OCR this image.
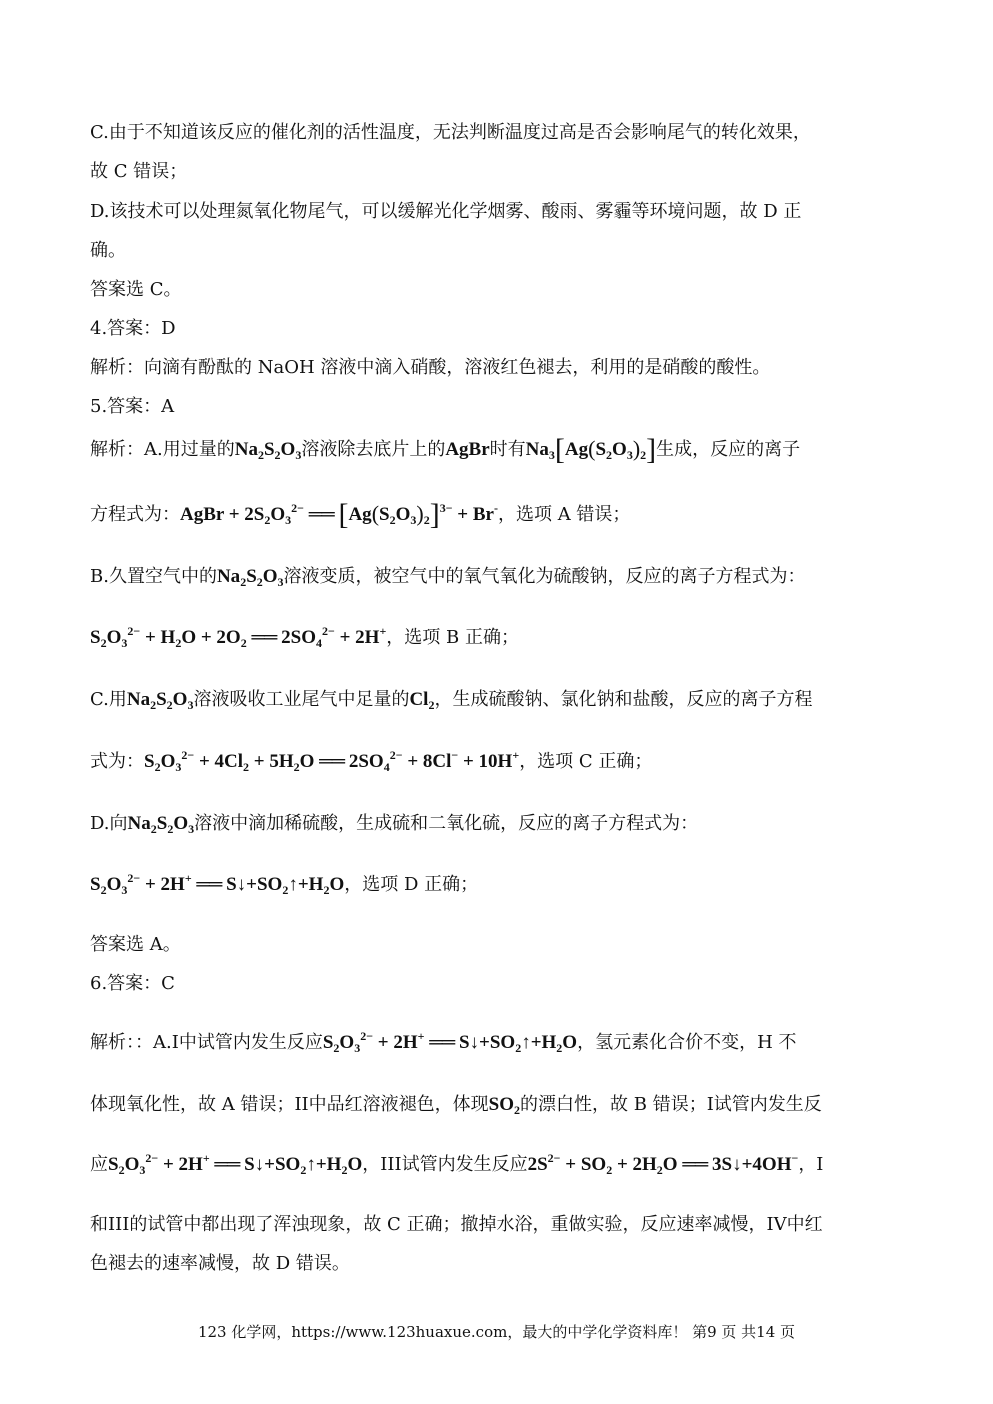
C.由于不知道该反应的催化剂的活性温度，无法判断温度过高是否会影响尾气的转化效果，
故 C 错误；
D.该技术可以处理氮氧化物尾气，可以缓解光化学烟雾、酸雨、雾霾等环境问题，故 D 正
确。
答案选 C。
4.答案：D
解析：向滴有酚酞的 NaOH 溶液中滴入硝酸，溶液红色褪去，利用的是硝酸的酸性。
5.答案：A
解析：A.用过量的$Na_2S_2O_3$溶液除去底片上的AgBr时有$Na_3[Ag(S_2O_3)_2]$生成，反应的离子
方程式为：AgBr + $2S_2O_3^{2-}$ ══ $[Ag(S_2O_3)_2]^{3-} + Br^-$，选项 A 错误；
B.久置空气中的$Na_2S_2O_3$溶液变质，被空气中的氧气氧化为硫酸钠，反应的离子方程式为：
$S_2O_3^{2-} + H_2O + 2O_2$ ══ $2SO_4^{2-} + 2H^+$，选项 B 正确；
C.用$Na_2S_2O_3$溶液吸收工业尾气中足量的$Cl_2$，生成硫酸钠、氯化钠和盐酸，反应的离子方程
式为：$S_2O_3^{2-} + 4Cl_2 + 5H_2O$ ══ $2SO_4^{2-} + 8Cl^- + 10H^+$，选项 C 正确；
D.向$Na_2S_2O_3$溶液中滴加稀硫酸，生成硫和二氧化硫，反应的离子方程式为：
$S_2O_3^{2-} + 2H^+$ ══ $S↓+SO_2↑+H_2O$，选项 D 正确；
答案选 A。
6.答案：C
解析：：A.I中试管内发生反应$S_2O_3^{2-} + 2H^+$ ══ $S↓+SO_2↑+H_2O$，氢元素化合价不变，H 不
体现氧化性，故 A 错误；II中品红溶液褪色，体现$SO_2$的漂白性，故 B 错误；I试管内发生反
应$S_2O_3^{2-} + 2H^+$ ══ $S↓+SO_2↑+H_2O$，III试管内发生反应$2S^{2-} + SO_2 + 2H_2O$ ══ 3S↓+4OH−，I
和III的试管中都出现了浑浊现象，故 C 正确；撤掉水浴，重做实验，反应速率减慢，IV中红
色褪去的速率减慢，故 D 错误。
123 化学网，https://www.123huaxue.com，最大的中学化学资料库！ 第9 页 共14 页
